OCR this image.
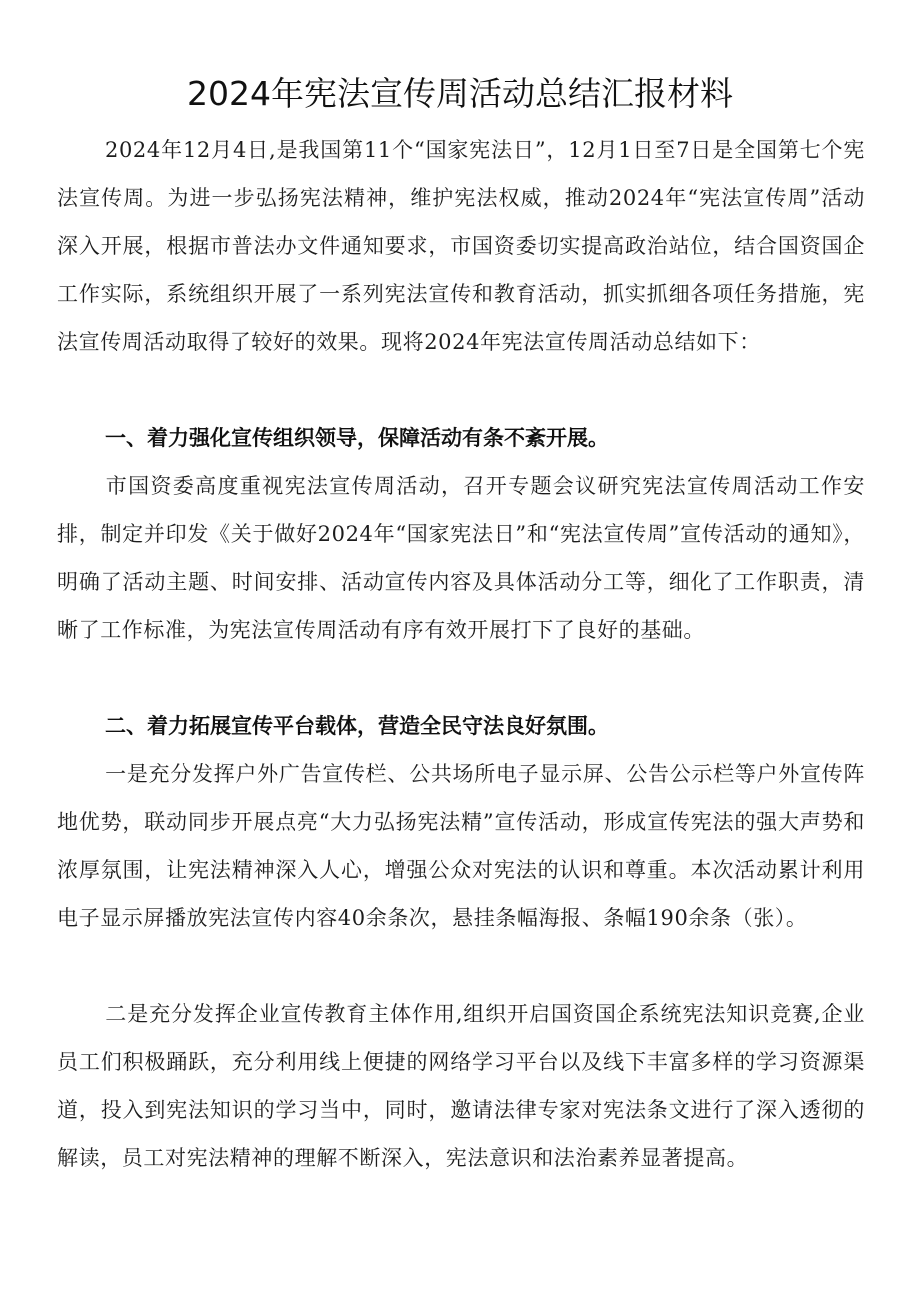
2024年宪法宣传周活动总结汇报材料

2024年12月4日,是我国第11个“国家宪法日”，12月1日至7日是全国第七个宪法宣传周。为进一步弘扬宪法精神，维护宪法权威，推动2024年“宪法宣传周”活动深入开展，根据市普法办文件通知要求，市国资委切实提高政治站位，结合国资国企工作实际，系统组织开展了一系列宪法宣传和教育活动，抓实抓细各项任务措施，宪法宣传周活动取得了较好的效果。现将2024年宪法宣传周活动总结如下：

一、着力强化宣传组织领导，保障活动有条不紊开展。

市国资委高度重视宪法宣传周活动，召开专题会议研究宪法宣传周活动工作安排，制定并印发《关于做好2024年“国家宪法日”和“宪法宣传周”宣传活动的通知》，明确了活动主题、时间安排、活动宣传内容及具体活动分工等，细化了工作职责，清晰了工作标准，为宪法宣传周活动有序有效开展打下了良好的基础。

二、着力拓展宣传平台载体，营造全民守法良好氛围。

一是充分发挥户外广告宣传栏、公共场所电子显示屏、公告公示栏等户外宣传阵地优势，联动同步开展点亮“大力弘扬宪法精”宣传活动，形成宣传宪法的强大声势和浓厚氛围，让宪法精神深入人心，增强公众对宪法的认识和尊重。本次活动累计利用电子显示屏播放宪法宣传内容40余条次，悬挂条幅海报、条幅190余条（张）。

二是充分发挥企业宣传教育主体作用,组织开启国资国企系统宪法知识竞赛,企业员工们积极踊跃，充分利用线上便捷的网络学习平台以及线下丰富多样的学习资源渠道，投入到宪法知识的学习当中，同时，邀请法律专家对宪法条文进行了深入透彻的解读，员工对宪法精神的理解不断深入，宪法意识和法治素养显著提高。
